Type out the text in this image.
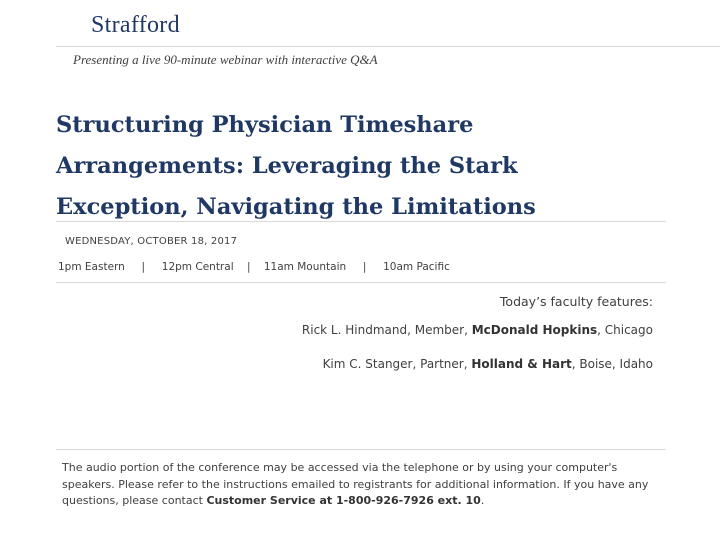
Strafford
Presenting a live 90-minute webinar with interactive Q&A
Structuring Physician Timeshare
Arrangements: Leveraging the Stark
Exception, Navigating the Limitations
WEDNESDAY, OCTOBER 18, 2017
1pm Eastern | 12pm Central | 11am Mountain | 10am Pacific
Today’s faculty features:
Rick L. Hindmand, Member, McDonald Hopkins, Chicago
Kim C. Stanger, Partner, Holland & Hart, Boise, Idaho
The audio portion of the conference may be accessed via the telephone or by using your computer's speakers. Please refer to the instructions emailed to registrants for additional information. If you have any questions, please contact Customer Service at 1-800-926-7926 ext. 10.
